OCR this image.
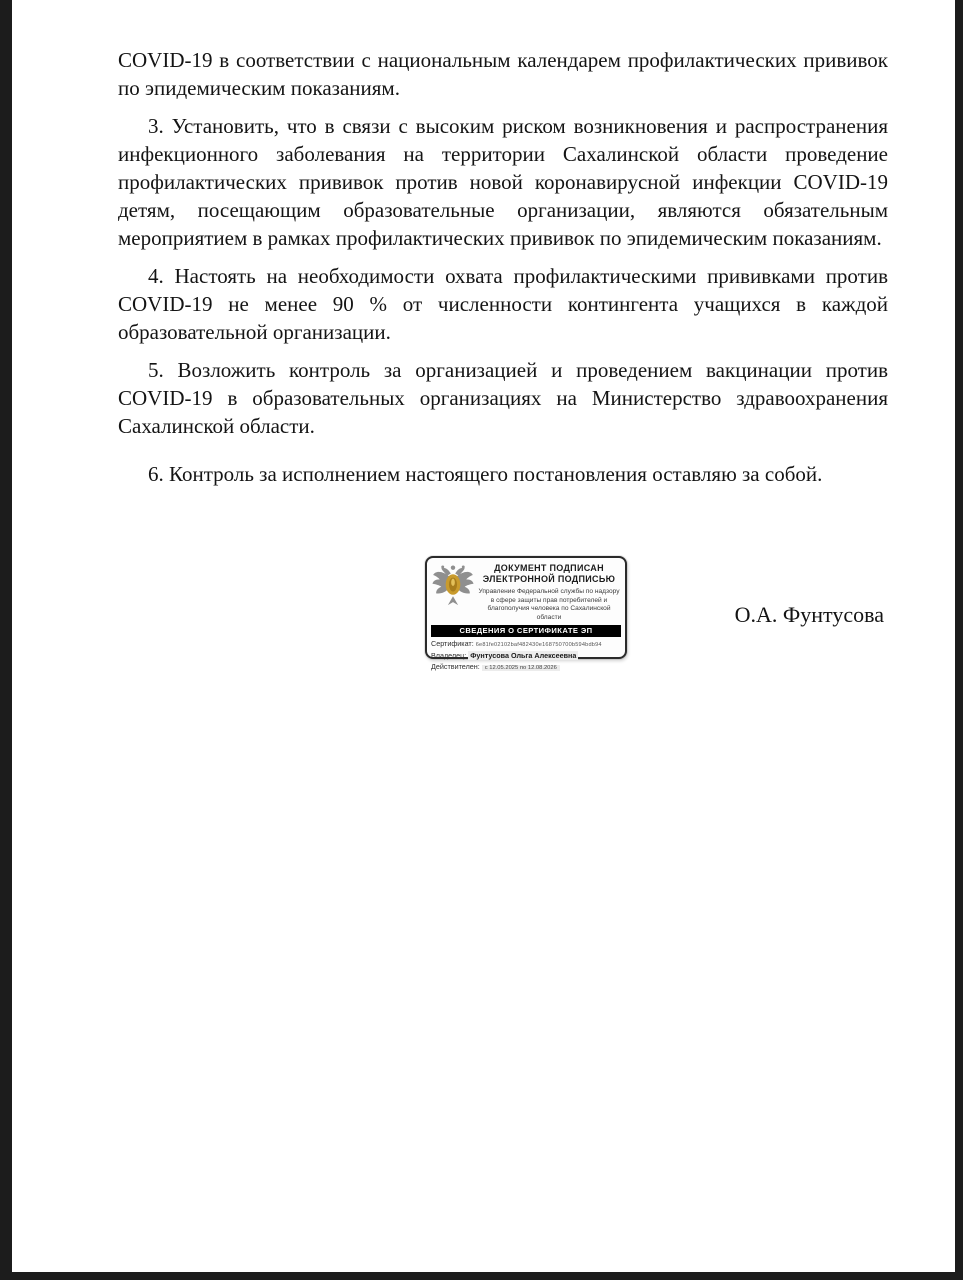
COVID-19 в соответствии с национальным календарем профилактических прививок по эпидемическим показаниям.

3. Установить, что в связи с высоким риском возникновения и распространения инфекционного заболевания на территории Сахалинской области проведение профилактических прививок против новой коронавирусной инфекции COVID-19 детям, посещающим образовательные организации, являются обязательным мероприятием в рамках профилактических прививок по эпидемическим показаниям.

4. Настоять на необходимости охвата профилактическими прививками против COVID-19 не менее 90 % от численности контингента учащихся в каждой образовательной организации.

5. Возложить контроль за организацией и проведением вакцинации против COVID-19 в образовательных организациях на Министерство здравоохранения Сахалинской области.

6. Контроль за исполнением настоящего постановления оставляю за собой.

ДОКУМЕНТ ПОДПИСАН
ЭЛЕКТРОННОЙ ПОДПИСЬЮ
Управление Федеральной службы по надзору в сфере защиты прав потребителей и благополучия человека по Сахалинской области
СВЕДЕНИЯ О СЕРТИФИКАТЕ ЭП
Сертификат: 6e81fe02102baf482430e168750700b594bdb94
Владелец: Фунтусова Ольга Алексеевна
Действителен: с 12.05.2025 по 12.08.2026
О.А. Фунтусова
